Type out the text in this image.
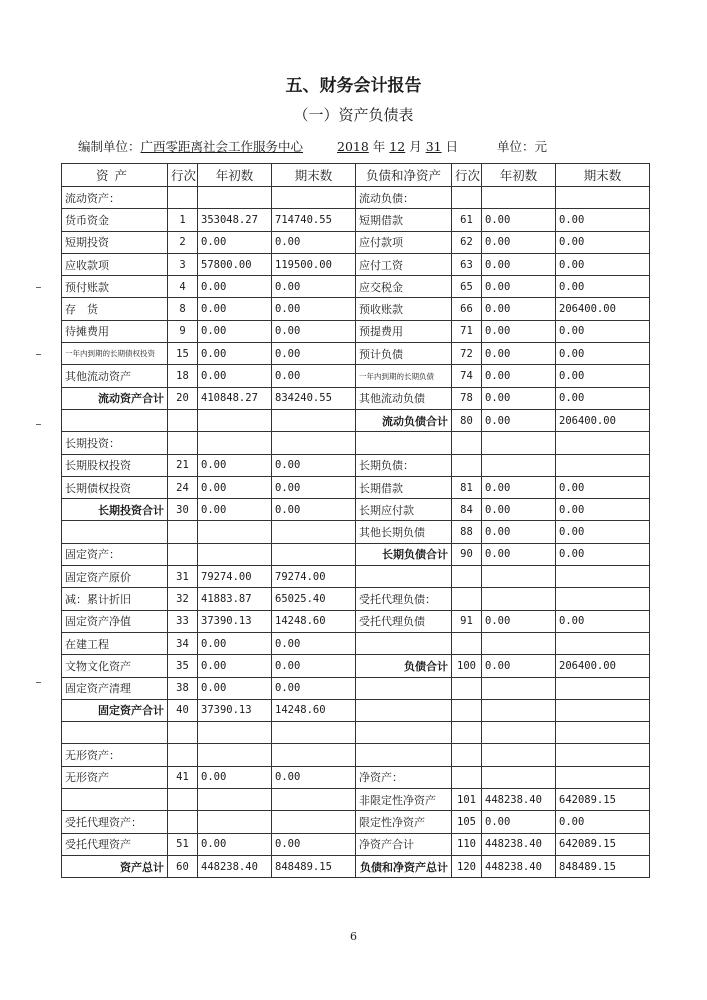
五、财务会计报告
（一）资产负债表
编制单位：广西零距离社会工作服务中心	2018 年 12 月 31 日	单位：元
资产	行次	年初数	期末数	负债和净资产	行次	年初数	期末数
流动资产：				流动负债：			
货币资金	1	353048.27	714740.55	短期借款	61	0.00	0.00
短期投资	2	0.00	0.00	应付款项	62	0.00	0.00
应收款项	3	57800.00	119500.00	应付工资	63	0.00	0.00
预付账款	4	0.00	0.00	应交税金	65	0.00	0.00
存　货	8	0.00	0.00	预收账款	66	0.00	206400.00
待摊费用	9	0.00	0.00	预提费用	71	0.00	0.00
一年内到期的长期债权投资	15	0.00	0.00	预计负债	72	0.00	0.00
其他流动资产	18	0.00	0.00	一年内到期的长期负债	74	0.00	0.00
流动资产合计	20	410848.27	834240.55	其他流动负债	78	0.00	0.00
				流动负债合计	80	0.00	206400.00
长期投资：							
长期股权投资	21	0.00	0.00	长期负债：			
长期债权投资	24	0.00	0.00	长期借款	81	0.00	0.00
长期投资合计	30	0.00	0.00	长期应付款	84	0.00	0.00
				其他长期负债	88	0.00	0.00
固定资产：				长期负债合计	90	0.00	0.00
固定资产原价	31	79274.00	79274.00				
减：累计折旧	32	41883.87	65025.40	受托代理负债：			
固定资产净值	33	37390.13	14248.60	受托代理负债	91	0.00	0.00
在建工程	34	0.00	0.00				
文物文化资产	35	0.00	0.00	负债合计	100	0.00	206400.00
固定资产清理	38	0.00	0.00				
固定资产合计	40	37390.13	14248.60				

无形资产：							
无形资产	41	0.00	0.00	净资产：			
				非限定性净资产	101	448238.40	642089.15
受托代理资产：				限定性净资产	105	0.00	0.00
受托代理资产	51	0.00	0.00	净资产合计	110	448238.40	642089.15
资产总计	60	448238.40	848489.15	负债和净资产总计	120	448238.40	848489.15
6
